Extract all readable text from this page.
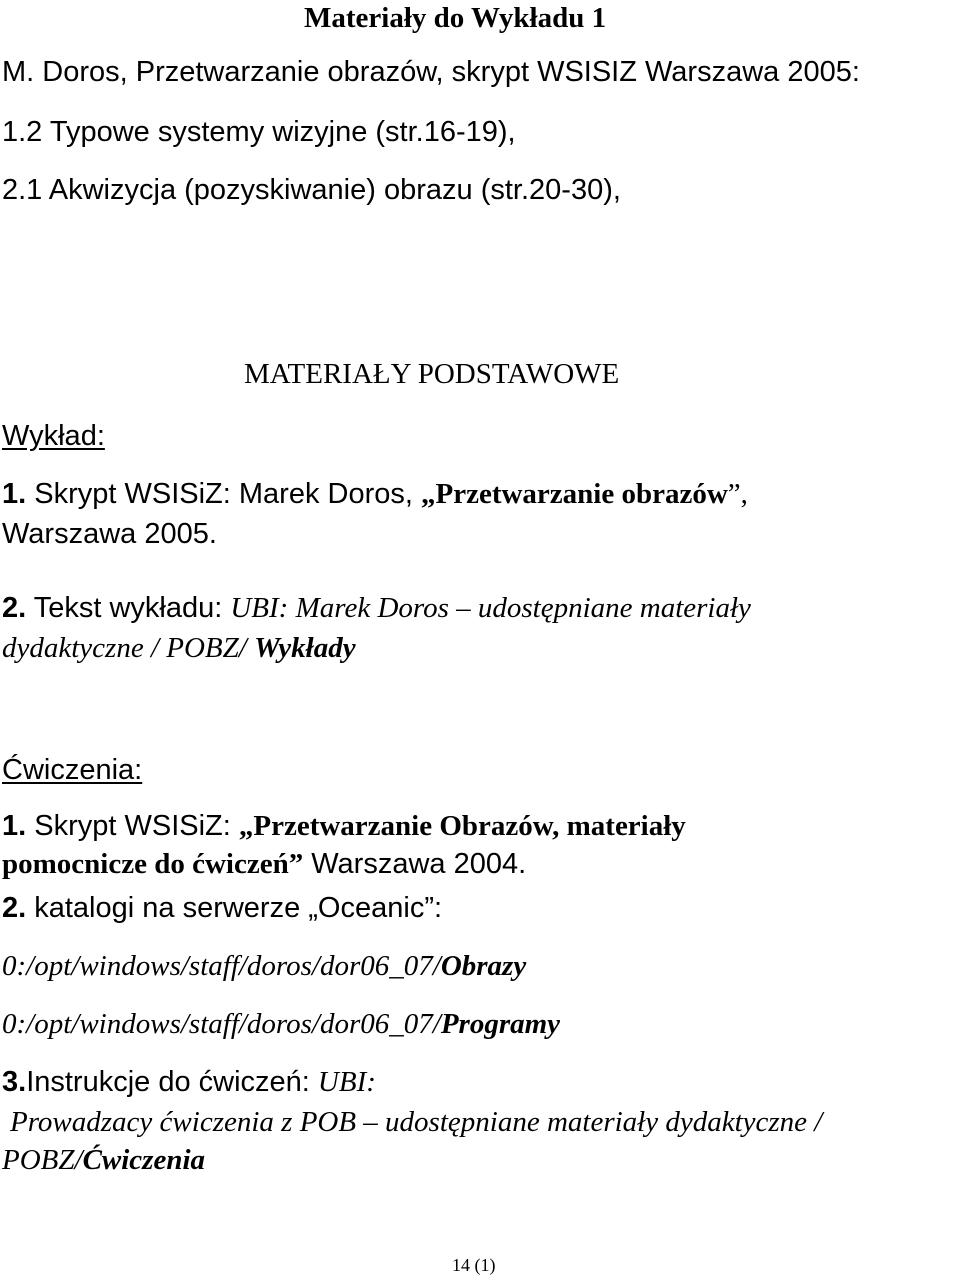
Materiały do Wykładu 1
M. Doros, Przetwarzanie obrazów, skrypt WSISIZ Warszawa 2005:
1.2 Typowe systemy wizyjne (str.16-19),
2.1 Akwizycja (pozyskiwanie) obrazu (str.20-30),
MATERIAŁY PODSTAWOWE
Wykład:
1. Skrypt WSISiZ: Marek Doros, „Przetwarzanie obrazów”,
Warszawa 2005.
2. Tekst wykładu: UBI: Marek Doros – udostępniane materiały
dydaktyczne / POBZ/ Wykłady
Ćwiczenia:
1. Skrypt WSISiZ: „Przetwarzanie Obrazów, materiały
pomocnicze do ćwiczeń” Warszawa 2004.
2. katalogi na serwerze „Oceanic”:
0:/opt/windows/staff/doros/dor06_07/Obrazy
0:/opt/windows/staff/doros/dor06_07/Programy
3.Instrukcje do ćwiczeń: UBI:
Prowadzacy ćwiczenia z POB – udostępniane materiały dydaktyczne /
POBZ/Ćwiczenia
14 (1)
